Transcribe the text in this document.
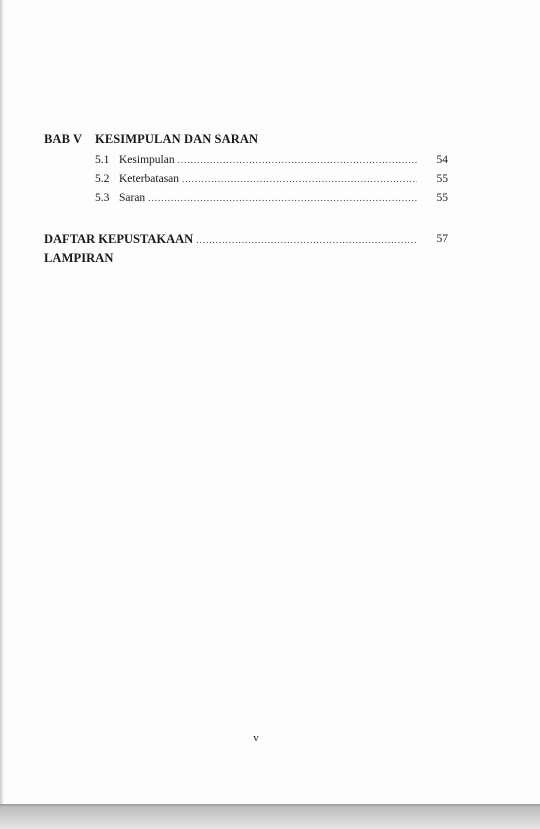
BAB V KESIMPULAN DAN SARAN
5.1 Kesimpulan .....	54
5.2 Keterbatasan .....	55
5.3 Saran .....	55
DAFTAR KEPUSTAKAAN .....	57
LAMPIRAN
v
